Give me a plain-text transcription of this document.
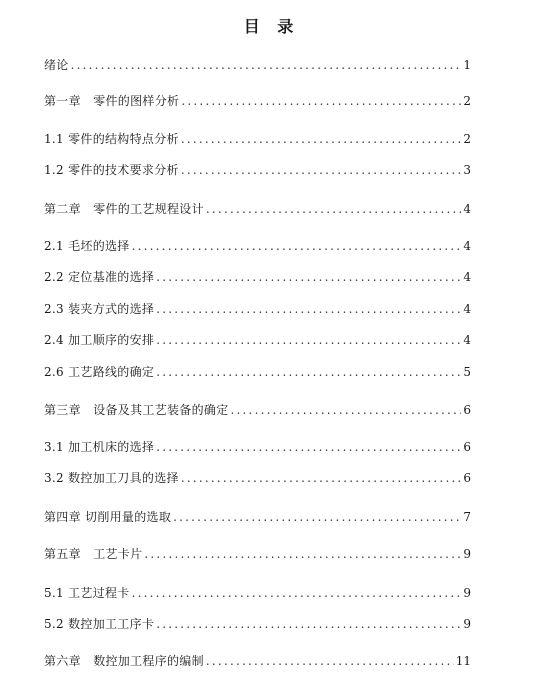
目 录
绪论 .....	1
第一章　零件的图样分析 .....	2
1.1 零件的结构特点分析 .....	2
1.2 零件的技术要求分析 .....	3
第二章　零件的工艺规程设计 .....	4
2.1 毛坯的选择 .....	4
2.2 定位基准的选择 .....	4
2.3 装夹方式的选择 .....	4
2.4 加工顺序的安排 .....	4
2.6 工艺路线的确定 .....	5
第三章　设备及其工艺装备的确定 .....	6
3.1 加工机床的选择 .....	6
3.2 数控加工刀具的选择 .....	6
第四章 切削用量的选取 .....	7
第五章　工艺卡片 .....	9
5.1 工艺过程卡 .....	9
5.2 数控加工工序卡 .....	9
第六章　数控加工程序的编制 .....	11
